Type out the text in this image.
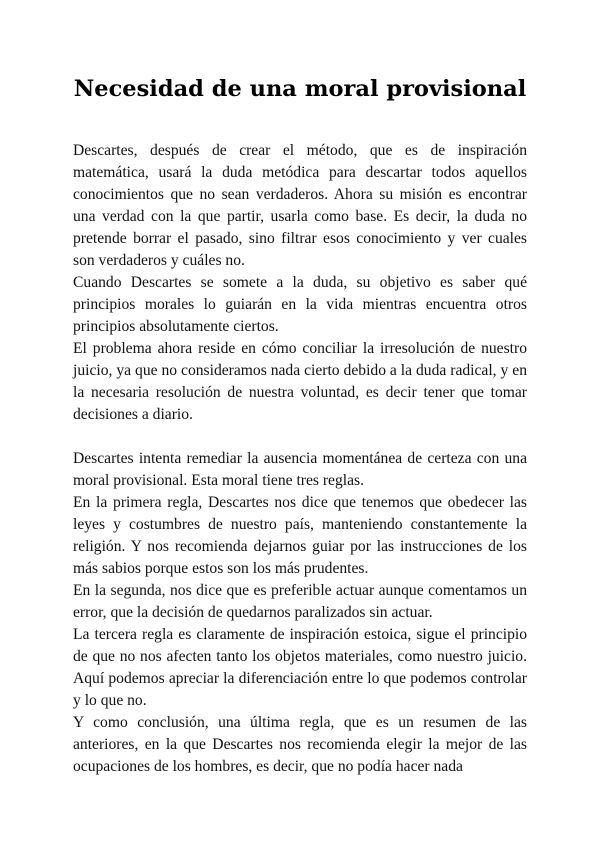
Necesidad de una moral provisional

Descartes, después de crear el método, que es de inspiración matemática, usará la duda metódica para descartar todos aquellos conocimientos que no sean verdaderos. Ahora su misión es encontrar una verdad con la que partir, usarla como base. Es decir, la duda no pretende borrar el pasado, sino filtrar esos conocimiento y ver cuales son verdaderos y cuáles no.

Cuando Descartes se somete a la duda, su objetivo es saber qué principios morales lo guiarán en la vida mientras encuentra otros principios absolutamente ciertos.

El problema ahora reside en cómo conciliar la irresolución de nuestro juicio, ya que no consideramos nada cierto debido a la duda radical, y en la necesaria resolución de nuestra voluntad, es decir tener que tomar decisiones a diario.

Descartes intenta remediar la ausencia momentánea de certeza con una moral provisional. Esta moral tiene tres reglas.

En la primera regla, Descartes nos dice que tenemos que obedecer las leyes y costumbres de nuestro país, manteniendo constantemente la religión. Y nos recomienda dejarnos guiar por las instrucciones de los más sabios porque estos son los más prudentes.

En la segunda, nos dice que es preferible actuar aunque comentamos un error, que la decisión de quedarnos paralizados sin actuar.

La tercera regla es claramente de inspiración estoica, sigue el principio de que no nos afecten tanto los objetos materiales, como nuestro juicio. Aquí podemos apreciar la diferenciación entre lo que podemos controlar y lo que no.

Y como conclusión, una última regla, que es un resumen de las anteriores, en la que Descartes nos recomienda elegir la mejor de las ocupaciones de los hombres, es decir, que no podía hacer nada
